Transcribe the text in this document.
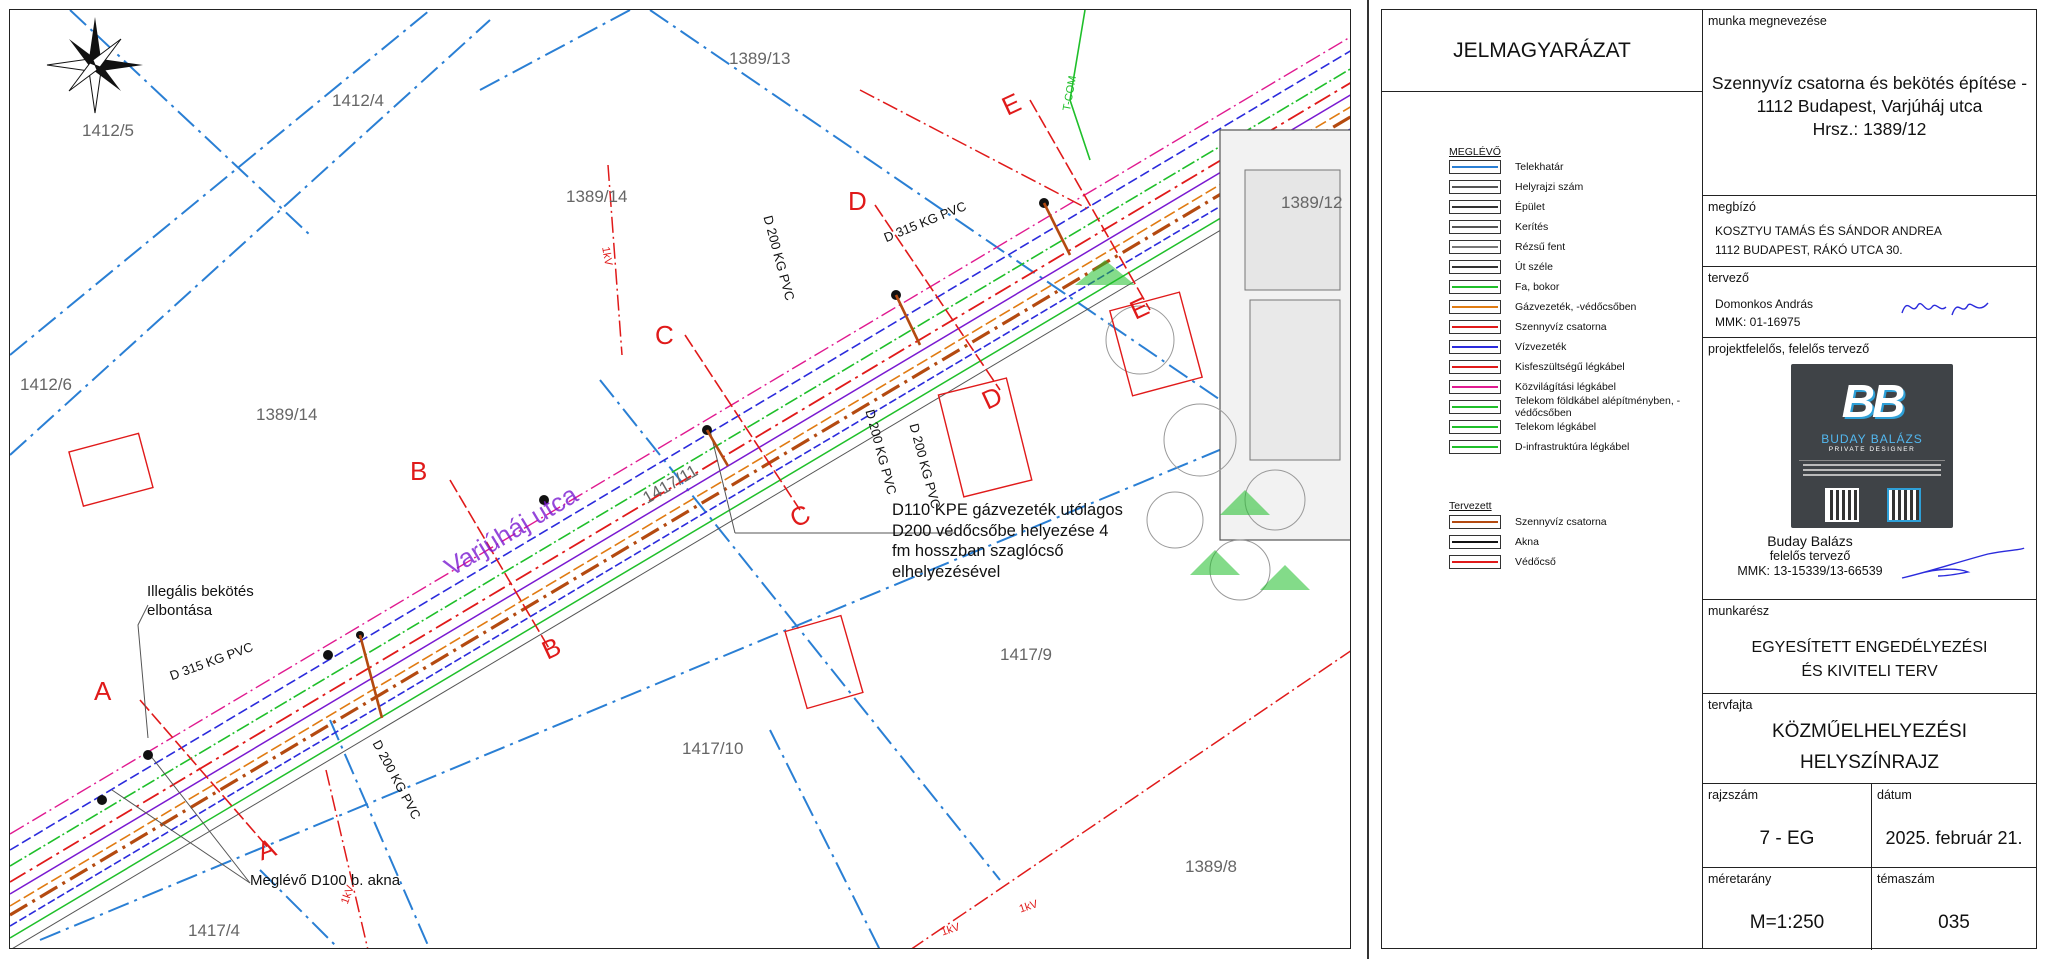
1412/5
1412/4
1412/6
1389/13
1389/14
1389/14
1389/12
1417/11
1417/9
1417/10
1417/4
1389/8
Varjúháj utca
D 315 KG PVC
D 200 KG PVC
D 200 KG PVC D 200 KG PVC
D 315 KG PVC
D 200 KG PVC
1kV
1kV
1kV
1kV
T-COM
A
A
B
B
C
C
D
D
E
E
D110 KPE gázvezeték utólagos D200 védőcsőbe helyezése 4 fm hosszban szaglócső elhelyezésével
Illegális bekötés elbontása
Meglévő D100 b. akna
JELMAGYARÁZAT
MEGLÉVŐ
Telekhatár
Helyrajzi szám
Épület
Kerítés
Rézsű fent
Út széle
Fa, bokor
Gázvezeték, -védőcsőben
Szennyvíz csatorna
Vízvezeték
Kisfeszültségű légkábel
Közvilágítási légkábel
Telekom földkábel alépítményben, -védőcsőben
Telekom légkábel
D-infrastruktúra légkábel
Tervezett
Szennyvíz csatorna
Akna
Védőcső
munka megnevezése
Szennyvíz csatorna és bekötés építése -
1112 Budapest, Varjúháj utca
Hrsz.: 1389/12
megbízó
KOSZTYU TAMÁS ÉS SÁNDOR ANDREA
1112 BUDAPEST, RÁKÓ UTCA 30.
tervező
Domonkos András
MMK: 01-16975
projektfelelős, felelős tervező
BB
BUDAY BALÁZS
PRIVATE DESIGNER
Buday Balázs
felelős tervező
MMK: 13-15339/13-66539
munkarész
EGYESÍTETT ENGEDÉLYEZÉSI
ÉS KIVITELI TERV
tervfajta
KÖZMŰELHELYEZÉSI
HELYSZÍNRAJZ
rajzszám	dátum
7 - EG	2025. február 21.
méretarány	témaszám
M=1:250	035
